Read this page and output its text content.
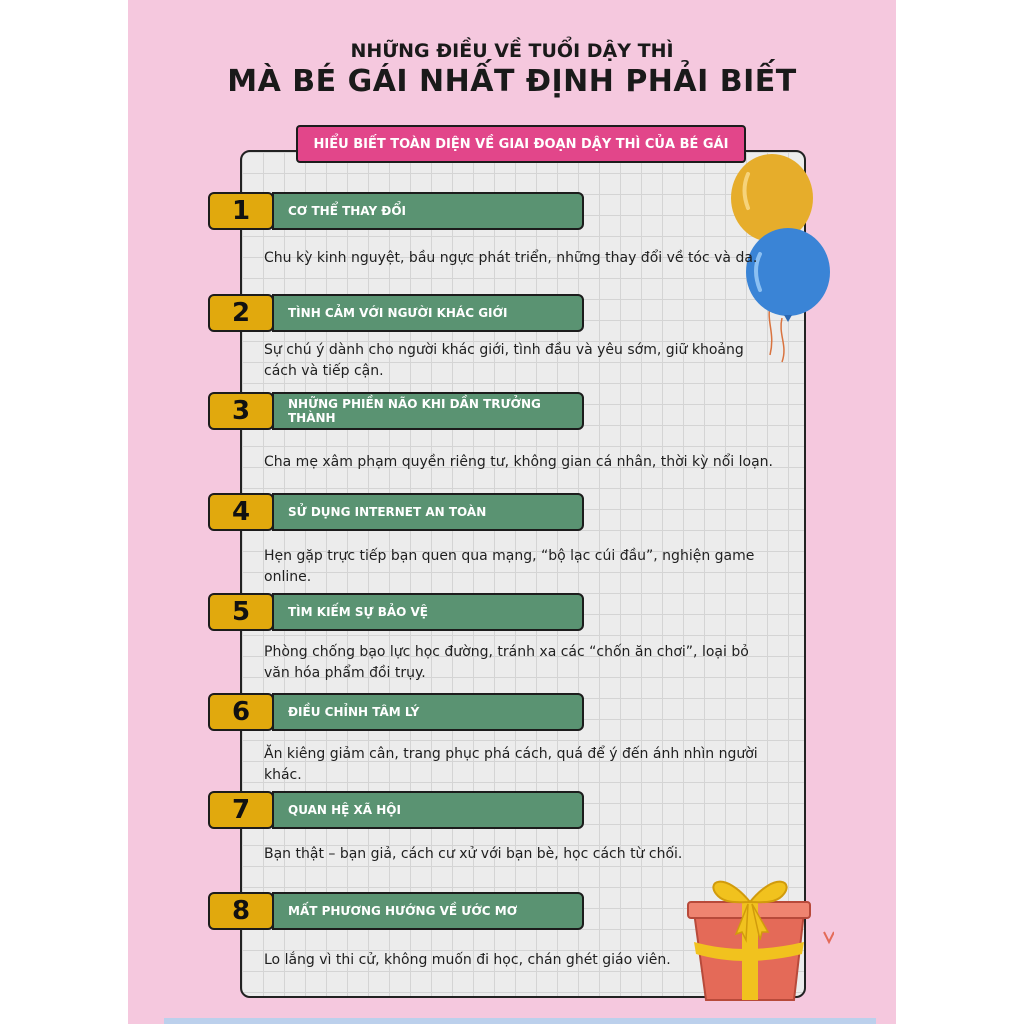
NHỮNG ĐIỀU VỀ TUỔI DẬY THÌ
MÀ BÉ GÁI NHẤT ĐỊNH PHẢI BIẾT
HIỂU BIẾT TOÀN DIỆN VỀ GIAI ĐOẠN DẬY THÌ CỦA BÉ GÁI
1	CƠ THỂ THAY ĐỔI
Chu kỳ kinh nguyệt, bầu ngực phát triển, những thay đổi về tóc và da.
2	TÌNH CẢM VỚI NGƯỜI KHÁC GIỚI
Sự chú ý dành cho người khác giới, tình đầu và yêu sớm, giữ khoảng cách và tiếp cận.
3	NHỮNG PHIỀN NÃO KHI DẦN TRƯỞNG THÀNH
Cha mẹ xâm phạm quyền riêng tư, không gian cá nhân, thời kỳ nổi loạn.
4	SỬ DỤNG INTERNET AN TOÀN
Hẹn gặp trực tiếp bạn quen qua mạng, “bộ lạc cúi đầu”, nghiện game online.
5	TÌM KIẾM SỰ BẢO VỆ
Phòng chống bạo lực học đường, tránh xa các “chốn ăn chơi”, loại bỏ văn hóa phẩm đồi trụy.
6	ĐIỀU CHỈNH TÂM LÝ
Ăn kiêng giảm cân, trang phục phá cách, quá để ý đến ánh nhìn người khác.
7	QUAN HỆ XÃ HỘI
Bạn thật – bạn giả, cách cư xử với bạn bè, học cách từ chối.
8	MẤT PHƯƠNG HƯỚNG VỀ ƯỚC MƠ
Lo lắng vì thi cử, không muốn đi học, chán ghét giáo viên.
